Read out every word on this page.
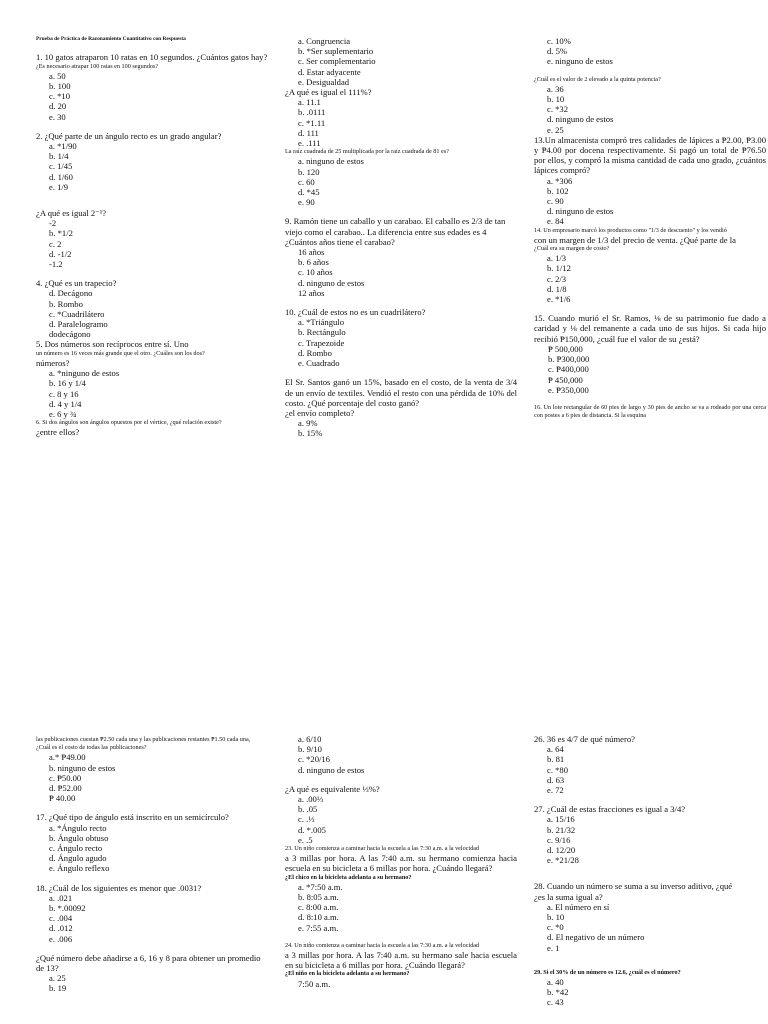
Prueba de Práctica de Razonamiento Cuantitativo con Respuesta

1. 10 gatos atraparon 10 ratas en 10 segundos. ¿Cuántos gatos hay?

¿Es necesario atrapar 100 ratas en 100 segundos?

a. 50
b. 100
c. *10
d. 20
e. 30

2. ¿Qué parte de un ángulo recto es un grado angular?

a. *1/90
b. 1/4
c. 1/45
d. 1/60
e. 1/9

¿A qué es igual 2⁻¹?

-2
b. *1/2
c. 2
d. -1/2
-1.2

4. ¿Qué es un trapecio?

d. Decágono
b. Rombo
c. *Cuadrilátero
d. Paralelogramo
dodecágono

5. Dos números son recíprocos entre sí. Uno

un número es 16 veces más grande que el otro. ¿Cuáles son los dos?

números?

a. *ninguno de estos
b. 16 y 1/4
c. 8 y 16
d. 4 y 1/4
e. 6 y ¾

6. Si dos ángulos son ángulos opuestos por el vértice, ¿qué relación existe?

¿entre ellos?

a. Congruencia
b. *Ser suplementario
c. Ser complementario
d. Estar adyacente
e. Desigualdad

¿A qué es igual el 111%?

a. 11.1
b. .0111
c. *1.11
d. 111
e. .111

La raíz cuadrada de 25 multiplicada por la raíz cuadrada de 81 es?

a. ninguno de estos
b. 120
c. 60
d. *45
e. 90

9. Ramón tiene un caballo y un carabao. El caballo es 2/3 de tan viejo como el carabao.. La diferencia entre sus edades es 4

¿Cuántos años tiene el carabao?

16 años
b. 6 años
c. 10 años
d. ninguno de estos
12 años

10. ¿Cuál de estos no es un cuadrilátero?

a. *Triángulo
b. Rectángulo
c. Trapezoide
d. Rombo
e. Cuadrado

El Sr. Santos ganó un 15%, basado en el costo, de la venta de 3/4 de un envío de textiles. Vendió el resto con una pérdida de 10% del costo. ¿Qué porcentaje del costo ganó?

¿el envío completo?

a. 9%
b. 15%
c. 10%
d. 5%
e. ninguno de estos

¿Cuál es el valor de 2 elevado a la quinta potencia?

a. 36
b. 10
c. *32
d. ninguno de estos
e. 25

13.Un almacenista compró tres calidades de lápices a ₱2.00, ₱3.00 y ₱4.00 por docena respectivamente. Si pagó un total de ₱76.50 por ellos, y compró la misma cantidad de cada uno grado, ¿cuántos lápices compró?

a. *306
b. 102
c. 90
d. ninguno de estos
e. 84

14. Un empresario marcó los productos como "1/3 de descuento" y los vendió

con un margen de 1/3 del precio de venta. ¿Qué parte de la

¿Cuál era su margen de costo?

a. 1/3
b. 1/12
c. 2/3
d. 1/8
e. *1/6

15. Cuando murió el Sr. Ramos, ⅛ de su patrimonio fue dado a caridad y ⅛ del remanente a cada uno de sus hijos. Si cada hijo recibió ₱150,000, ¿cuál fue el valor de su ¿está?

₱ 500,000
b. ₱300,000
c. ₱400,000
₱ 450,000
e. ₱350,000

16. Un lote rectangular de 60 pies de largo y 30 pies de ancho se va a rodeado por una cerca con postes a 6 pies de distancia. Si la esquina

las publicaciones cuestan ₱2.50 cada una y las publicaciones restantes ₱1.50 cada una,

¿Cuál es el costo de todas las publicaciones?

a.* ₱49.00
b. ninguno de estos
c. ₱50.00
d. ₱52.00
₱ 40.00

17. ¿Qué tipo de ángulo está inscrito en un semicírculo?

a. *Ángulo recto
b. Ángulo obtuso
c. Ángulo recto
d. Ángulo agudo
e. Ángulo reflexo

18. ¿Cuál de los siguientes es menor que .0031?

a. .021
b. *.00092
c. .004
d. .012
e. .006

¿Qué número debe añadirse a 6, 16 y 8 para obtener un promedio de 13?

a. 25
b. 19
a. 6/10
b. 9/10
c. *20/16
d. ninguno de estos

¿A qué es equivalente ⅓%?

a. .00⅓
b. .05
c. .⅓
d. *.005
e. .5

23. Un niño comienza a caminar hacia la escuela a las 7:30 a.m. a la velocidad

a 3 millas por hora. A las 7:40 a.m. su hermano comienza hacia escuela en su bicicleta a 6 millas por hora. ¿Cuándo llegará?

¿El chico en la bicicleta adelanta a su hermano?

a. *7:50 a.m.
b. 8:05 a.m.
c. 8:00 a.m.
d. 8:10 a.m.
e. 7:55 a.m.

24. Un niño comienza a caminar hacia la escuela a las 7:30 a.m. a la velocidad

a 3 millas por hora. A las 7:40 a.m. su hermano sale hacia escuela en su bicicleta a 6 millas por hora. ¿Cuándo llegará?

¿El niño en la bicicleta adelanta a su hermano?

7:50 a.m.

26. 36 es 4/7 de qué número?

a. 64
b. 81
c. *80
d. 63
e. 72

27. ¿Cuál de estas fracciones es igual a 3/4?

a. 15/16
b. 21/32
c. 9/16
d. 12/20
e. *21/28

28. Cuando un número se suma a su inverso aditivo, ¿qué

¿es la suma igual a?

a. El número en sí
b. 10
c. *0
d. El negativo de un número
e. 1

29. Si el 30% de un número es 12.6, ¿cuál es el número?

a. 40
b. *42
c. 43
